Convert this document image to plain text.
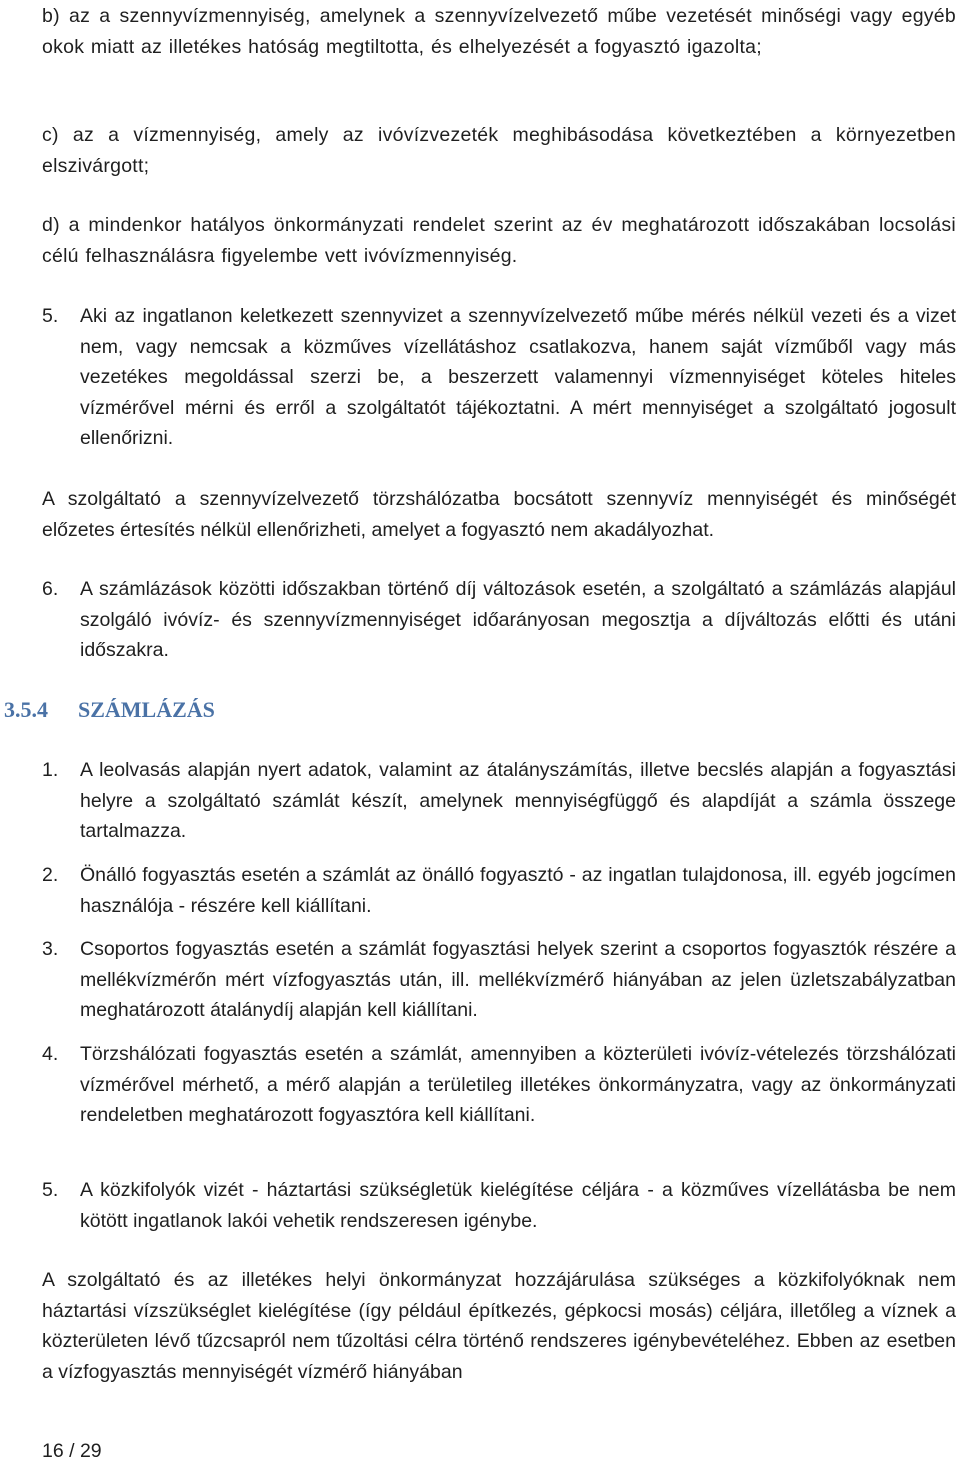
b) az a szennyvízmennyiség, amelynek a szennyvízelvezető műbe vezetését minőségi vagy egyéb okok miatt az illetékes hatóság megtiltotta, és elhelyezését a fogyasztó igazolta;
c) az a vízmennyiség, amely az ivóvízvezeték meghibásodása következtében a környezetben elszivárgott;
d) a mindenkor hatályos önkormányzati rendelet szerint az év meghatározott időszakában locsolási célú felhasználásra figyelembe vett ivóvízmennyiség.
5. Aki az ingatlanon keletkezett szennyvizet a szennyvízelvezető műbe mérés nélkül vezeti és a vizet nem, vagy nemcsak a közműves vízellátáshoz csatlakozva, hanem saját vízműből vagy más vezetékes megoldással szerzi be, a beszerzett valamennyi vízmennyiséget köteles hiteles vízmérővel mérni és erről a szolgáltatót tájékoztatni. A mért mennyiséget a szolgáltató jogosult ellenőrizni.
A szolgáltató a szennyvízelvezető törzshálózatba bocsátott szennyvíz mennyiségét és minőségét előzetes értesítés nélkül ellenőrizheti, amelyet a fogyasztó nem akadályozhat.
6. A számlázások közötti időszakban történő díj változások esetén, a szolgáltató a számlázás alapjául szolgáló ivóvíz- és szennyvízmennyiséget időarányosan megosztja a díjváltozás előtti és utáni időszakra.
3.5.4 SZÁMLÁZÁS
1. A leolvasás alapján nyert adatok, valamint az átalányszámítás, illetve becslés alapján a fogyasztási helyre a szolgáltató számlát készít, amelynek mennyiségfüggő és alapdíját a számla összege tartalmazza.
2. Önálló fogyasztás esetén a számlát az önálló fogyasztó - az ingatlan tulajdonosa, ill. egyéb jogcímen használója - részére kell kiállítani.
3. Csoportos fogyasztás esetén a számlát fogyasztási helyek szerint a csoportos fogyasztók részére a mellékvízmérőn mért vízfogyasztás után, ill. mellékvízmérő hiányában az jelen üzletszabályzatban meghatározott átalánydíj alapján kell kiállítani.
4. Törzshálózati fogyasztás esetén a számlát, amennyiben a közterületi ivóvíz-vételezés törzshálózati vízmérővel mérhető, a mérő alapján a területileg illetékes önkormányzatra, vagy az önkormányzati rendeletben meghatározott fogyasztóra kell kiállítani.
5. A közkifolyók vizét - háztartási szükségletük kielégítése céljára - a közműves vízellátásba be nem kötött ingatlanok lakói vehetik rendszeresen igénybe.
A szolgáltató és az illetékes helyi önkormányzat hozzájárulása szükséges a közkifolyóknak nem háztartási vízszükséglet kielégítése (így például építkezés, gépkocsi mosás) céljára, illetőleg a víznek a közterületen lévő tűzcsapról nem tűzoltási célra történő rendszeres igénybevételéhez. Ebben az esetben a vízfogyasztás mennyiségét vízmérő hiányában
16 / 29
